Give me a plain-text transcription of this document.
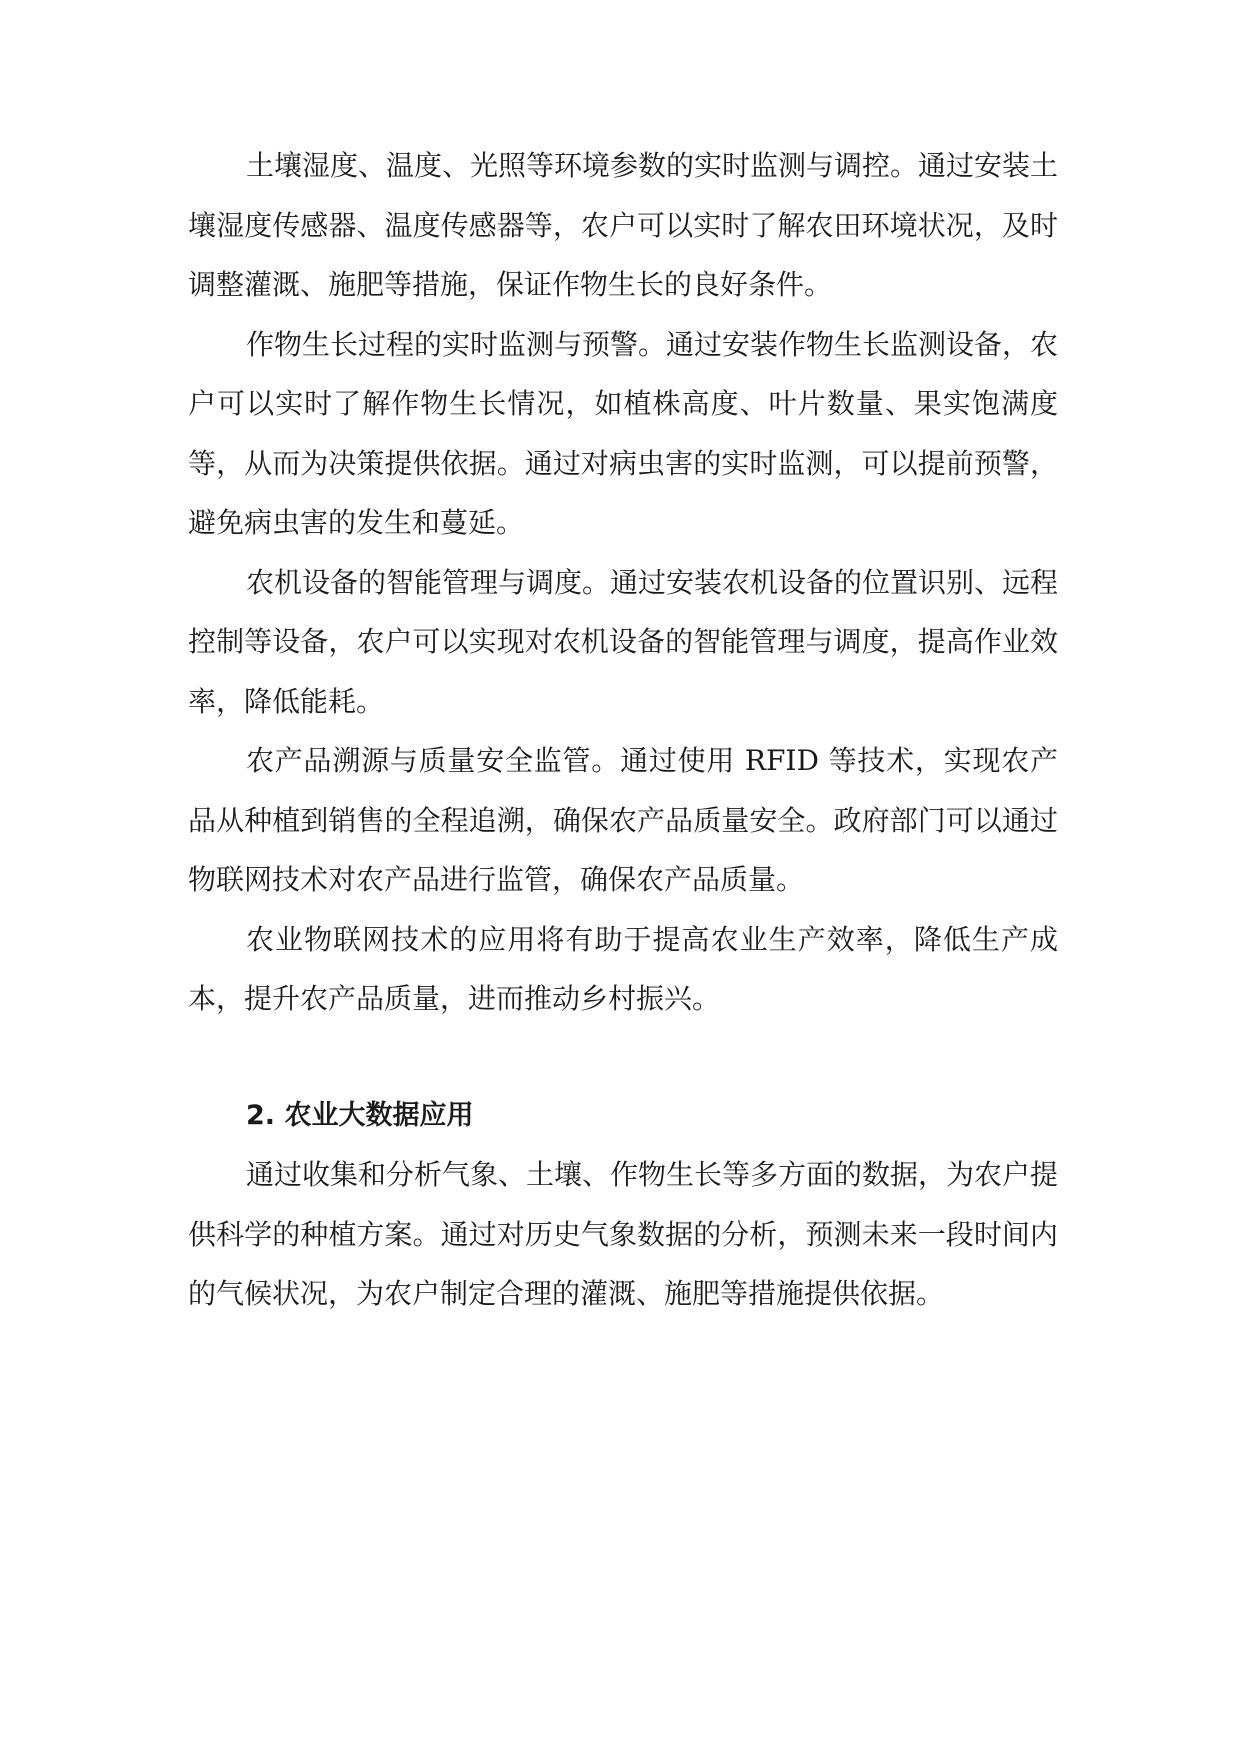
土壤湿度、温度、光照等环境参数的实时监测与调控。通过安装土壤湿度传感器、温度传感器等，农户可以实时了解农田环境状况，及时调整灌溉、施肥等措施，保证作物生长的良好条件。

作物生长过程的实时监测与预警。通过安装作物生长监测设备，农户可以实时了解作物生长情况，如植株高度、叶片数量、果实饱满度等，从而为决策提供依据。通过对病虫害的实时监测，可以提前预警，避免病虫害的发生和蔓延。

农机设备的智能管理与调度。通过安装农机设备的位置识别、远程控制等设备，农户可以实现对农机设备的智能管理与调度，提高作业效率，降低能耗。

农产品溯源与质量安全监管。通过使用 RFID 等技术，实现农产品从种植到销售的全程追溯，确保农产品质量安全。政府部门可以通过物联网技术对农产品进行监管，确保农产品质量。

农业物联网技术的应用将有助于提高农业生产效率，降低生产成本，提升农产品质量，进而推动乡村振兴。

2. 农业大数据应用

通过收集和分析气象、土壤、作物生长等多方面的数据，为农户提供科学的种植方案。通过对历史气象数据的分析，预测未来一段时间内的气候状况，为农户制定合理的灌溉、施肥等措施提供依据。
